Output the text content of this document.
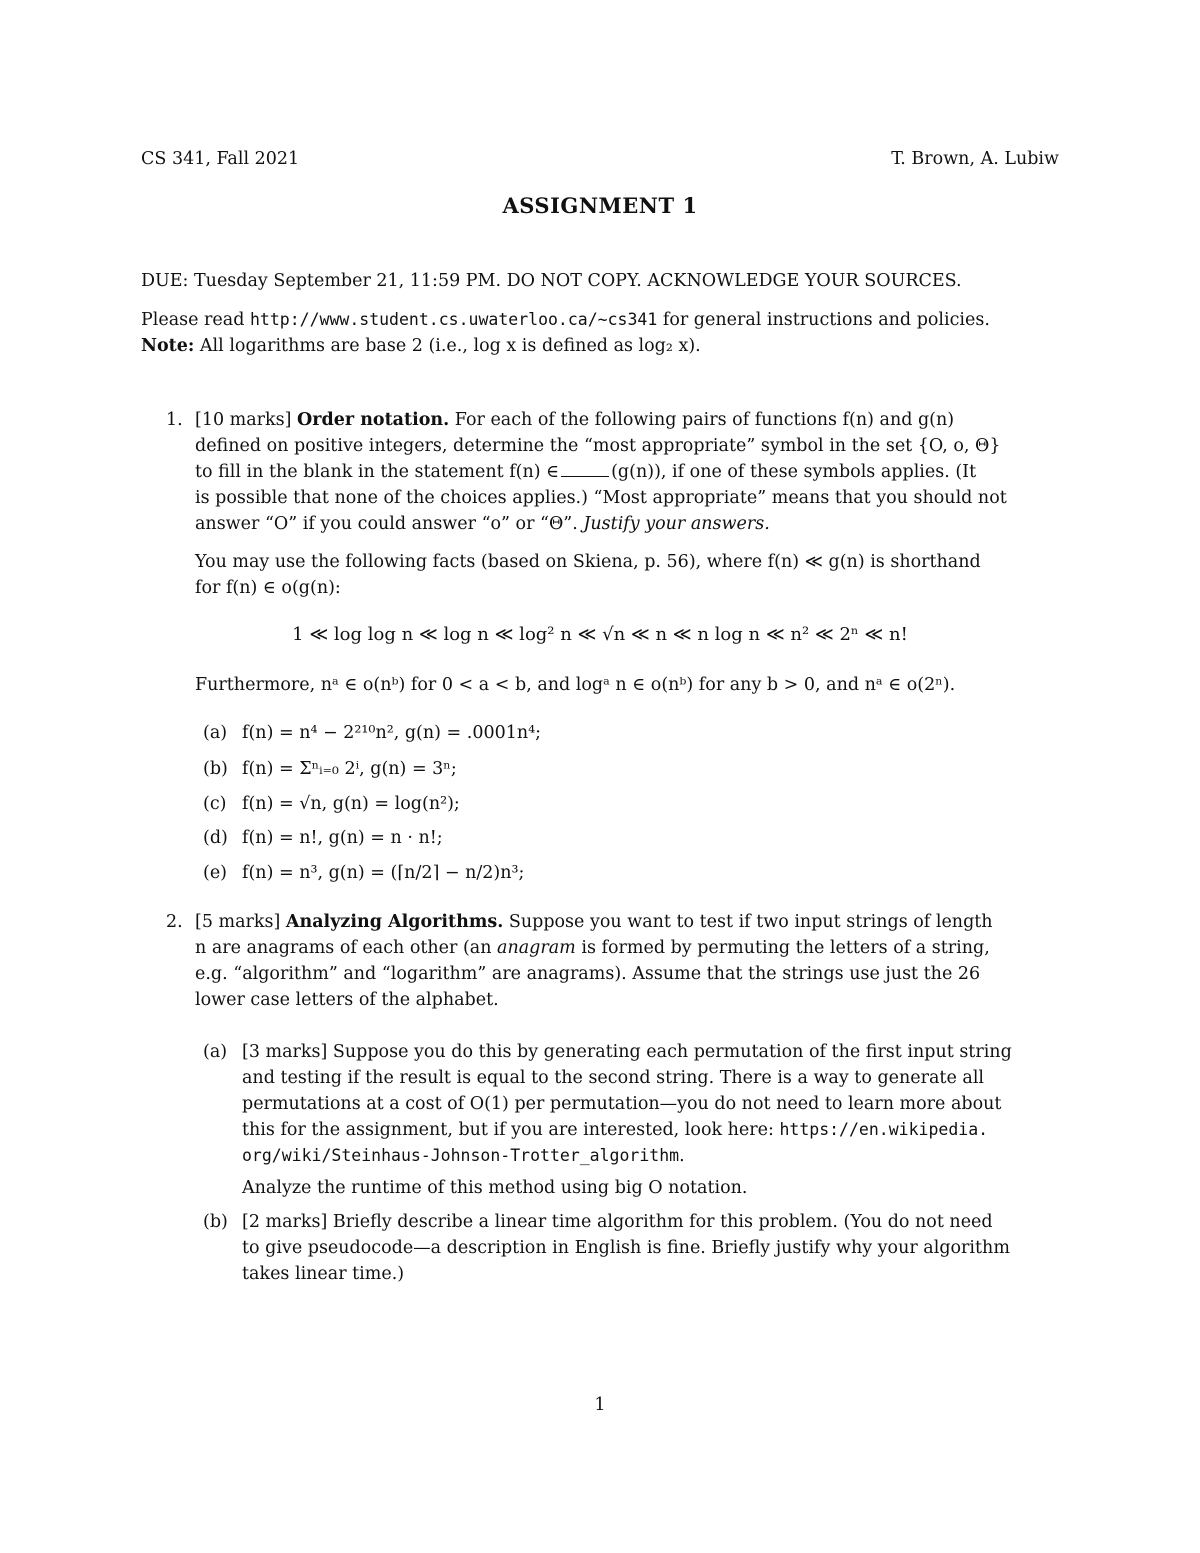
CS 341, Fall 2021	T. Brown, A. Lubiw
ASSIGNMENT 1
DUE: Tuesday September 21, 11:59 PM. DO NOT COPY. ACKNOWLEDGE YOUR SOURCES.
Please read http://www.student.cs.uwaterloo.ca/~cs341 for general instructions and policies.
Note: All logarithms are base 2 (i.e., log x is defined as log₂ x).
1. [10 marks] Order notation. For each of the following pairs of functions f(n) and g(n)
defined on positive integers, determine the “most appropriate” symbol in the set {O, o, Θ}
to fill in the blank in the statement f(n) ∈	(g(n)), if one of these symbols applies. (It
is possible that none of the choices applies.) “Most appropriate” means that you should not
answer “O” if you could answer “o” or “Θ”. Justify your answers.
You may use the following facts (based on Skiena, p. 56), where f(n) ≪ g(n) is shorthand
for f(n) ∈ o(g(n):
1 ≪ log log n ≪ log n ≪ log² n ≪ √n ≪ n ≪ n log n ≪ n² ≪ 2ⁿ ≪ n!
Furthermore, nᵃ ∈ o(nᵇ) for 0 < a < b, and logᵃ n ∈ o(nᵇ) for any b > 0, and nᵃ ∈ o(2ⁿ).
(a) f(n) = n⁴ − 2²¹⁰n², g(n) = .0001n⁴;
(b) f(n) = Σⁿᵢ₌₀ 2ⁱ, g(n) = 3ⁿ;
(c) f(n) = √n, g(n) = log(n²);
(d) f(n) = n!, g(n) = n · n!;
(e) f(n) = n³, g(n) = (⌈n/2⌉ − n/2)n³;
2. [5 marks] Analyzing Algorithms. Suppose you want to test if two input strings of length
n are anagrams of each other (an anagram is formed by permuting the letters of a string,
e.g. “algorithm” and “logarithm” are anagrams). Assume that the strings use just the 26
lower case letters of the alphabet.
(a) [3 marks] Suppose you do this by generating each permutation of the first input string
and testing if the result is equal to the second string. There is a way to generate all
permutations at a cost of O(1) per permutation—you do not need to learn more about
this for the assignment, but if you are interested, look here: https://en.wikipedia.
org/wiki/Steinhaus-Johnson-Trotter_algorithm.
Analyze the runtime of this method using big O notation.
(b) [2 marks] Briefly describe a linear time algorithm for this problem. (You do not need
to give pseudocode—a description in English is fine. Briefly justify why your algorithm
takes linear time.)
1
